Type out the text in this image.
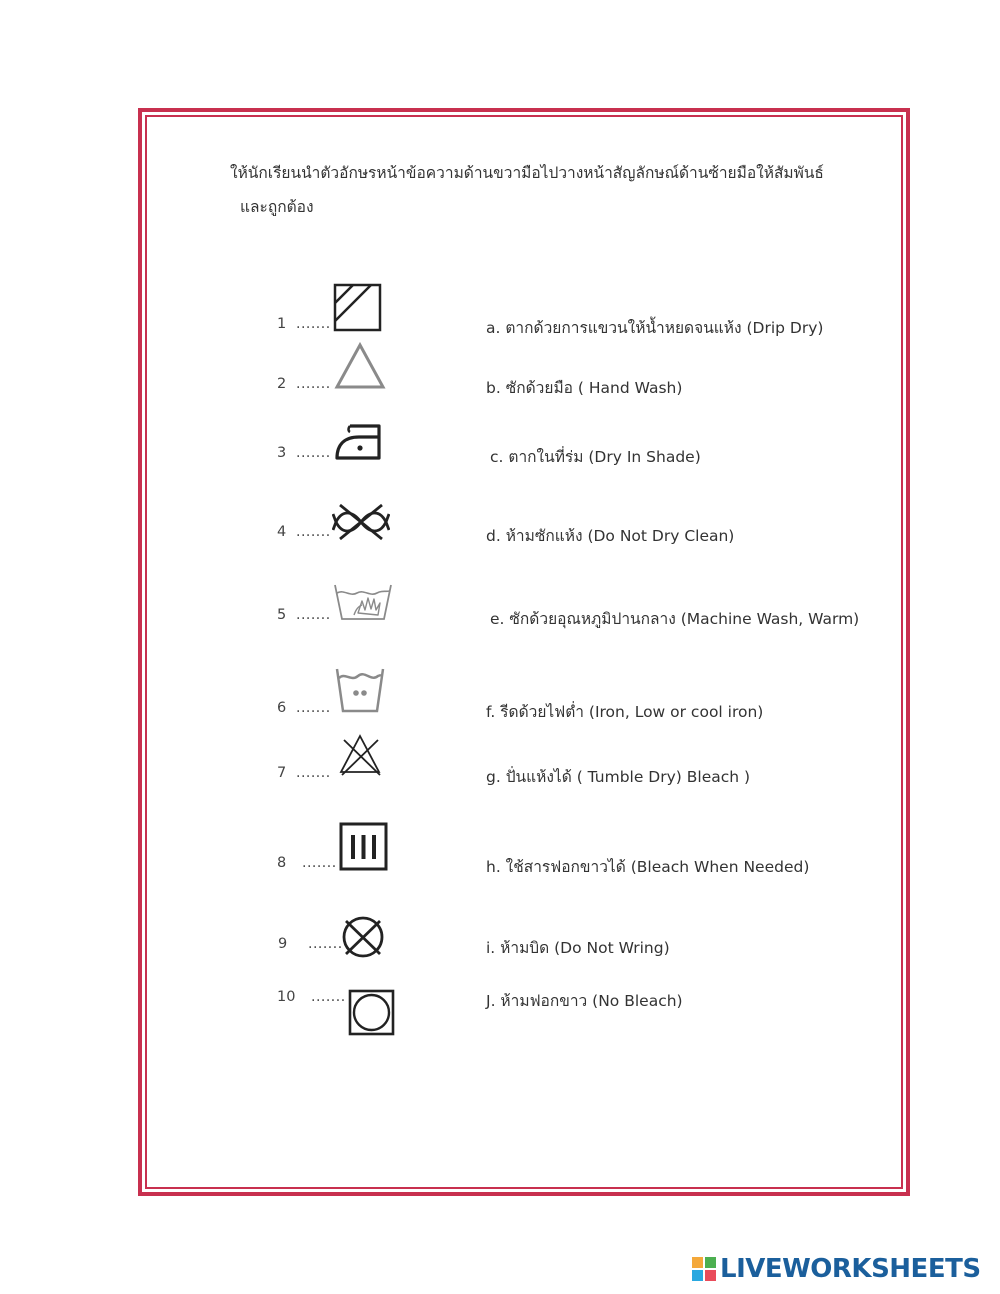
ให้นักเรียนนำตัวอักษรหน้าข้อความด้านขวามือไปวางหน้าสัญลักษณ์ด้านซ้ายมือให้สัมพันธ์
และถูกต้อง
1 .......	a. ตากด้วยการแขวนให้น้ำหยดจนแห้ง (Drip Dry)
2 .......	b. ซักด้วยมือ ( Hand Wash)
3 .......	c. ตากในที่ร่ม (Dry In Shade)
4 .......	d. ห้ามซักแห้ง (Do Not Dry Clean)
5 .......	e. ซักด้วยอุณหภูมิปานกลาง (Machine Wash, Warm)
6 .......	f. รีดด้วยไฟต่ำ (Iron, Low or cool iron)
7 .......	g. ปั่นแห้งได้ ( Tumble Dry) Bleach )
8 .......	h. ใช้สารฟอกขาวได้ (Bleach When Needed)
9 .......	i. ห้ามบิด (Do Not Wring)
10 .......	J. ห้ามฟอกขาว (No Bleach)
LIVEWORKSHEETS
